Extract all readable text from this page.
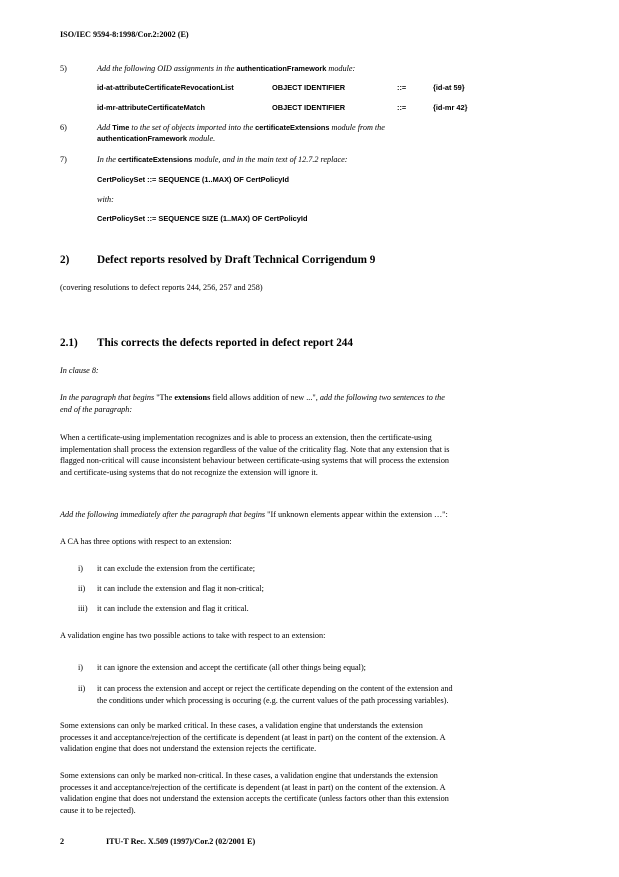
ISO/IEC 9594-8:1998/Cor.2:2002 (E)
5)	Add the following OID assignments in the authenticationFramework module:
id-at-attributeCertificateRevocationList	OBJECT IDENTIFIER	::=	{id-at 59}
id-mr-attributeCertificateMatch	OBJECT IDENTIFIER	::=	{id-mr 42}
6)	Add Time to the set of objects imported into the certificateExtensions module from the
authenticationFramework module.
7)	In the certificateExtensions module, and in the main text of 12.7.2 replace:
CertPolicySet ::= SEQUENCE (1..MAX) OF CertPolicyId
with:
CertPolicySet ::= SEQUENCE SIZE (1..MAX) OF CertPolicyId
2) Defect reports resolved by Draft Technical Corrigendum 9
(covering resolutions to defect reports 244, 256, 257 and 258)
2.1) This corrects the defects reported in defect report 244
In clause 8:
In the paragraph that begins "The extensions field allows addition of new ...", add the following two sentences to the
end of the paragraph:
When a certificate-using implementation recognizes and is able to process an extension, then the certificate-using
implementation shall process the extension regardless of the value of the criticality flag. Note that any extension that is
flagged non-critical will cause inconsistent behaviour between certificate-using systems that will process the extension
and certificate-using systems that do not recognize the extension will ignore it.
Add the following immediately after the paragraph that begins "If unknown elements appear within the extension …":
A CA has three options with respect to an extension:
i) it can exclude the extension from the certificate;
ii) it can include the extension and flag it non-critical;
iii) it can include the extension and flag it critical.
A validation engine has two possible actions to take with respect to an extension:
i) it can ignore the extension and accept the certificate (all other things being equal);
ii) it can process the extension and accept or reject the certificate depending on the content of the extension and
the conditions under which processing is occuring (e.g. the current values of the path processing variables).
Some extensions can only be marked critical. In these cases, a validation engine that understands the extension
processes it and acceptance/rejection of the certificate is dependent (at least in part) on the content of the extension. A
validation engine that does not understand the extension rejects the certificate.
Some extensions can only be marked non-critical. In these cases, a validation engine that understands the extension
processes it and acceptance/rejection of the certificate is dependent (at least in part) on the content of the extension. A
validation engine that does not understand the extension accepts the certificate (unless factors other than this extension
cause it to be rejected).
2	ITU-T Rec. X.509 (1997)/Cor.2 (02/2001 E)
